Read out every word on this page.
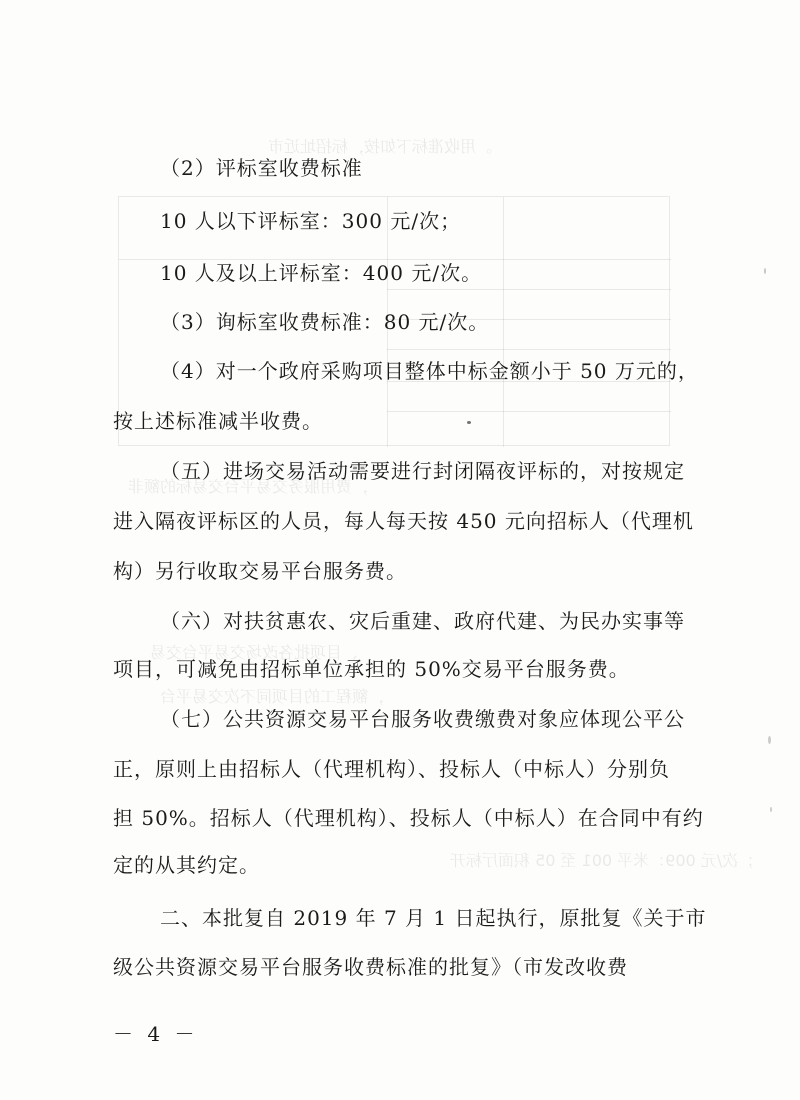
。用收准标下如按，标招址近市
，费用服务交易平台交易标的额非
、目项批各改场交易平台交易
，额程工的目项同不次交易平台
；次/元 009：米平 001 至 05 积面厅标开
（2）评标室收费标准
10 人以下评标室：300 元/次；
10 人及以上评标室：400 元/次。
（3）询标室收费标准：80 元/次。
（4）对一个政府采购项目整体中标金额小于 50 万元的，
按上述标准减半收费。
（五）进场交易活动需要进行封闭隔夜评标的，对按规定
进入隔夜评标区的人员，每人每天按 450 元向招标人（代理机
构）另行收取交易平台服务费。
（六）对扶贫惠农、灾后重建、政府代建、为民办实事等
项目，可减免由招标单位承担的 50%交易平台服务费。
（七）公共资源交易平台服务收费缴费对象应体现公平公
正，原则上由招标人（代理机构）、投标人（中标人）分别负
担 50%。招标人（代理机构）、投标人（中标人）在合同中有约
定的从其约定。
二、本批复自 2019 年 7 月 1 日起执行，原批复《关于市
级公共资源交易平台服务收费标准的批复》（市发改收费
－ 4 －
